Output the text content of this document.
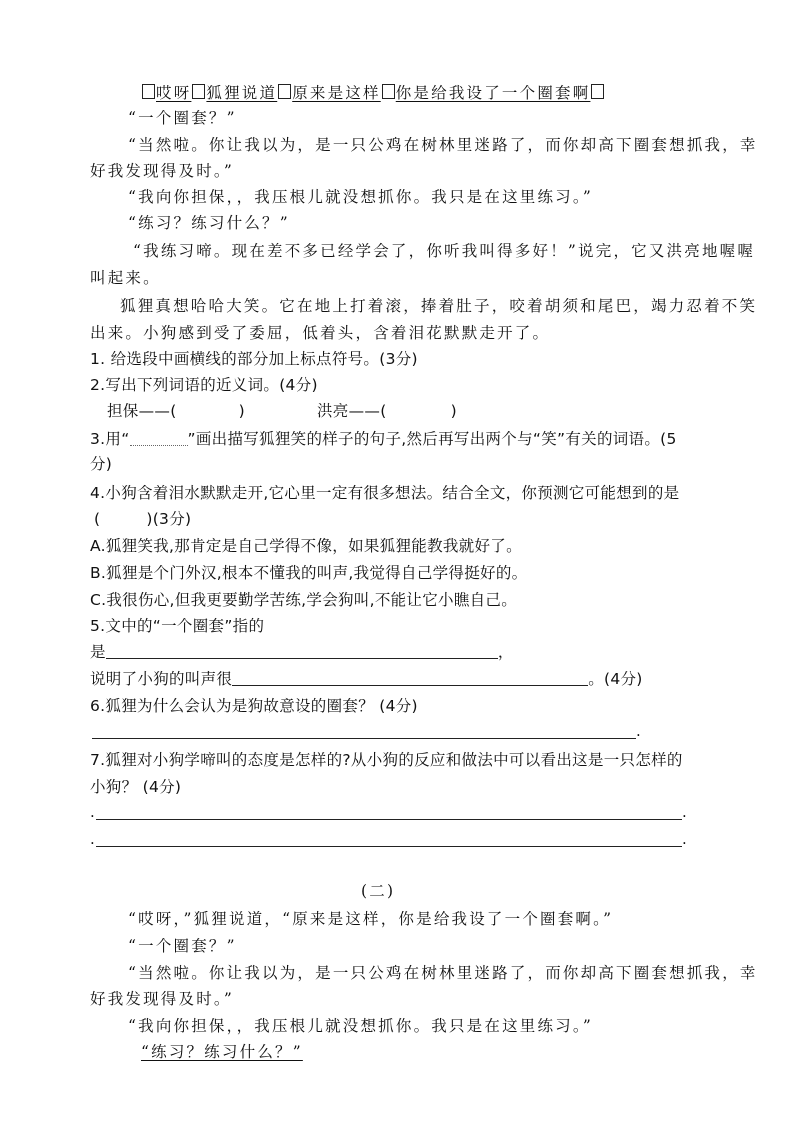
哎呀 狐狸说道 原来是这样 你是给我设了一个圈套啊
“一个圈套？”
“当然啦。你让我以为，是一只公鸡在树林里迷路了，而你却高下圈套想抓我，幸
好我发现得及时。”
“我向你担保，，我压根儿就没想抓你。我只是在这里练习。”
“练习？练习什么？”
“我练习啼。现在差不多已经学会了，你听我叫得多好！”说完，它又洪亮地喔喔
叫起来。
狐狸真想哈哈大笑。它在地上打着滚，捧着肚子，咬着胡须和尾巴，竭力忍着不笑
出来。小狗感到受了委屈，低着头，含着泪花默默走开了。
1. 给选段中画横线的部分加上标点符号。(3分)
2.写出下列词语的近义词。(4分)
担保——(	)	洪亮——(	)
3.用“	”画出描写狐狸笑的样子的句子,然后再写出两个与“笑”有关的词语。(5
分)
4.小狗含着泪水默默走开,它心里一定有很多想法。结合全文，你预测它可能想到的是
(	)(3分)
A.狐狸笑我,那肯定是自己学得不像，如果狐狸能教我就好了。
B.狐狸是个门外汉,根本不懂我的叫声,我觉得自己学得挺好的。
C.我很伤心,但我更要勤学苦练,学会狗叫,不能让它小瞧自己。
5.文中的“一个圈套”指的
是	，
说明了小狗的叫声很	。(4分)
6.狐狸为什么会认为是狗故意设的圈套？ (4分)
.
7.狐狸对小狗学啼叫的态度是怎样的?从小狗的反应和做法中可以看出这是一只怎样的
小狗？ (4分)
.	.
.	.
(二)
“哎呀，”狐狸说道，“原来是这样，你是给我设了一个圈套啊。”
“一个圈套？”
“当然啦。你让我以为，是一只公鸡在树林里迷路了，而你却高下圈套想抓我，幸
好我发现得及时。”
“我向你担保，，我压根儿就没想抓你。我只是在这里练习。”
“练习？练习什么？”
